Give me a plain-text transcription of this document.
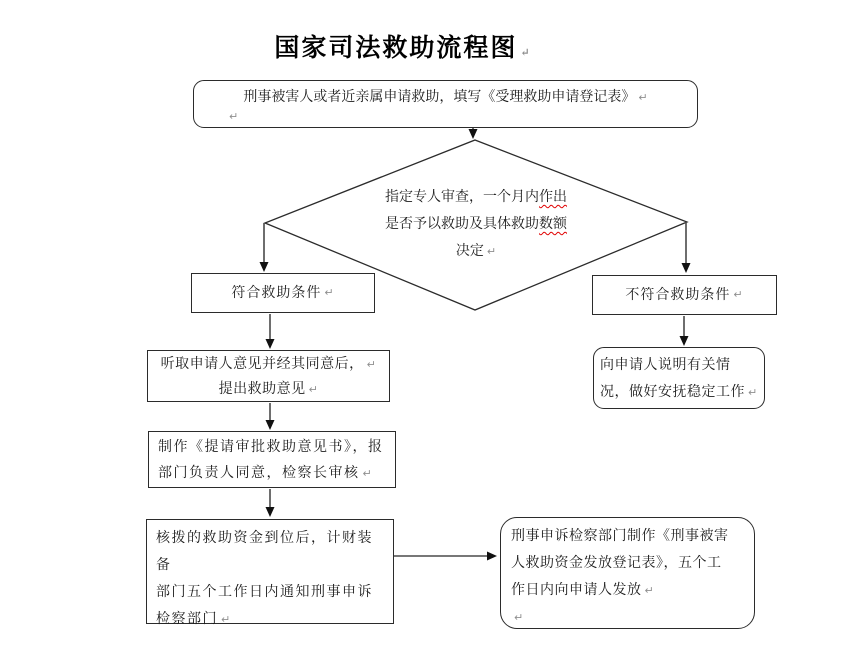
国家司法救助流程图 ↵
刑事被害人或者近亲属申请救助，填写《受理救助申请登记表》 ↵
↵
指定专人审查，一个月内作出
是否予以救助及具体救助数额
决定 ↵
符合救助条件 ↵	不符合救助条件 ↵
听取申请人意见并经其同意后， ↵
提出救助意见 ↵
向申请人说明有关情
况，做好安抚稳定工作 ↵
制作《提请审批救助意见书》，报
部门负责人同意，检察长审核 ↵
核拨的救助资金到位后，计财装备
部门五个工作日内通知刑事申诉
检察部门 ↵
刑事申诉检察部门制作《刑事被害
人救助资金发放登记表》，五个工
作日内向申请人发放 ↵
↵
